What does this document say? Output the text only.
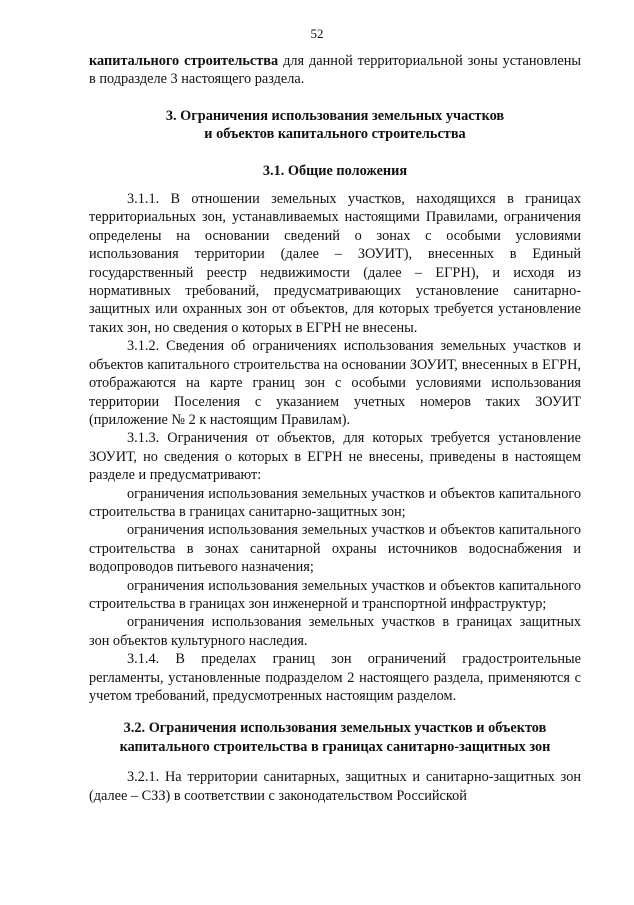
52

капитального строительства для данной территориальной зоны установлены в подразделе 3 настоящего раздела.

3. Ограничения использования земельных участков
и объектов капитального строительства
3.1. Общие положения

3.1.1. В отношении земельных участков, находящихся в границах территориальных зон, устанавливаемых настоящими Правилами, ограничения определены на основании сведений о зонах с особыми условиями использования территории (далее – ЗОУИТ), внесенных в Единый государственный реестр недвижимости (далее – ЕГРН), и исходя из нормативных требований, предусматривающих установление санитарно-защитных или охранных зон от объектов, для которых требуется установление таких зон, но сведения о которых в ЕГРН не внесены.

3.1.2. Сведения об ограничениях использования земельных участков и объектов капитального строительства на основании ЗОУИТ, внесенных в ЕГРН, отображаются на карте границ зон с особыми условиями использования территории Поселения с указанием учетных номеров таких ЗОУИТ (приложение № 2 к настоящим Правилам).

3.1.3. Ограничения от объектов, для которых требуется установление ЗОУИТ, но сведения о которых в ЕГРН не внесены, приведены в настоящем разделе и предусматривают:

ограничения использования земельных участков и объектов капитального строительства в границах санитарно-защитных зон;

ограничения использования земельных участков и объектов капитального строительства в зонах санитарной охраны источников водоснабжения и водопроводов питьевого назначения;

ограничения использования земельных участков и объектов капитального строительства в границах зон инженерной и транспортной инфраструктур;

ограничения использования земельных участков в границах защитных зон объектов культурного наследия.

3.1.4. В пределах границ зон ограничений градостроительные регламенты, установленные подразделом 2 настоящего раздела, применяются с учетом требований, предусмотренных настоящим разделом.

3.2. Ограничения использования земельных участков и объектов
капитального строительства в границах санитарно-защитных зон

3.2.1. На территории санитарных, защитных и санитарно-защитных зон (далее – СЗЗ) в соответствии с законодательством Российской
